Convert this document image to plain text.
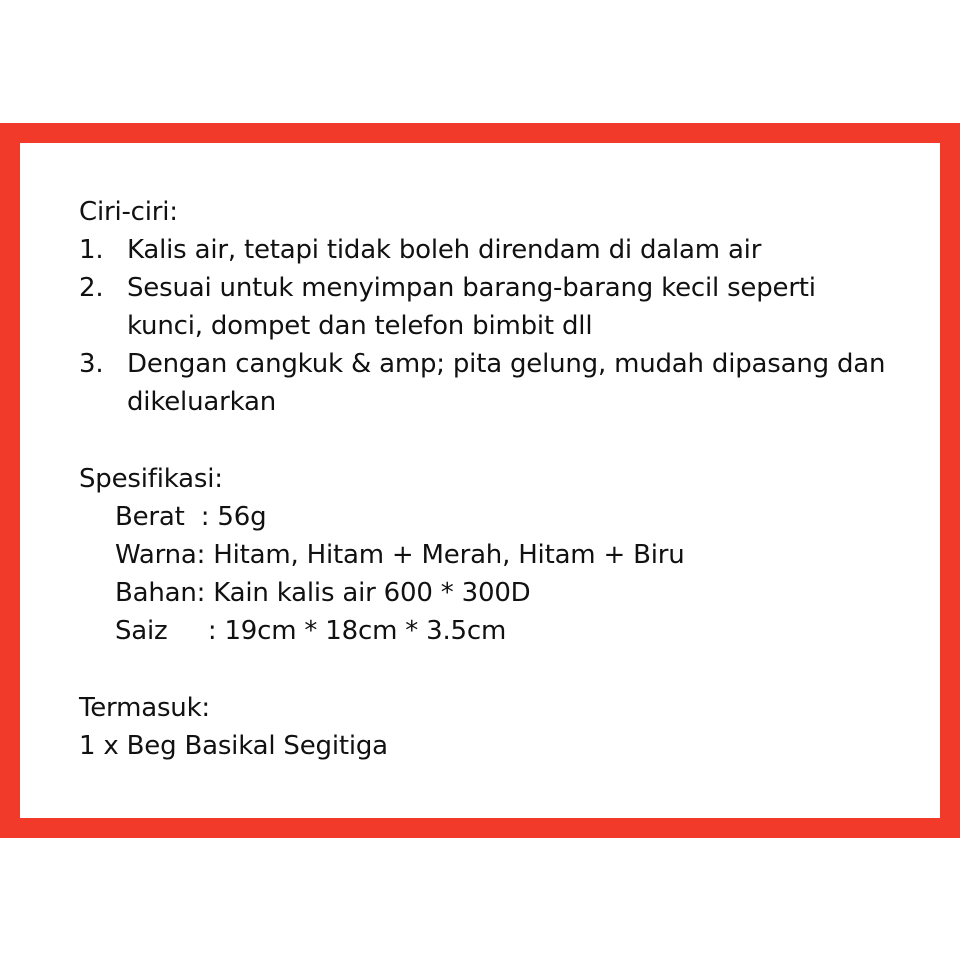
Ciri-ciri:
1. Kalis air, tetapi tidak boleh direndam di dalam air
2. Sesuai untuk menyimpan barang-barang kecil seperti kunci, dompet dan telefon bimbit dll
3. Dengan cangkuk & amp; pita gelung, mudah dipasang dan dikeluarkan
Spesifikasi:
Berat  : 56g
Warna: Hitam, Hitam + Merah, Hitam + Biru
Bahan: Kain kalis air 600 * 300D
Saiz     : 19cm * 18cm * 3.5cm
Termasuk:
1 x Beg Basikal Segitiga
